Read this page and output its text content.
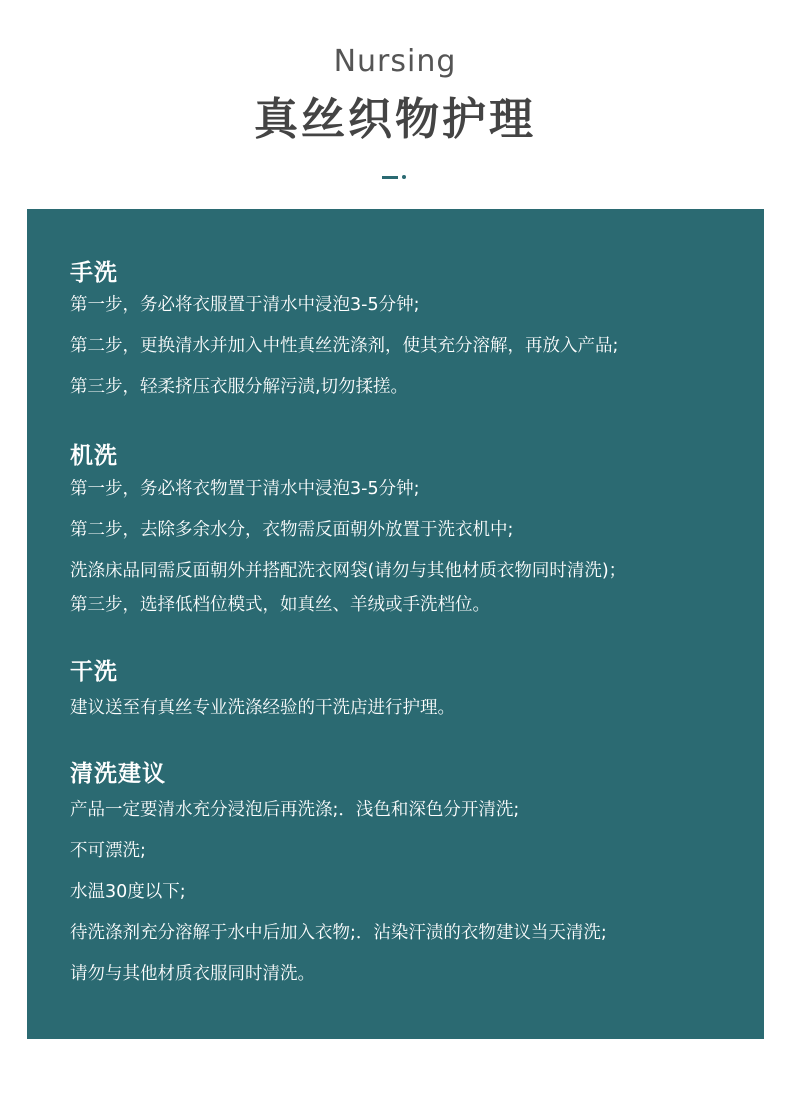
Nursing
真丝织物护理
手洗
第一步，务必将衣服置于清水中浸泡3-5分钟;
第二步，更换清水并加入中性真丝洗涤剂，使其充分溶解，再放入产品;
第三步，轻柔挤压衣服分解污渍,切勿揉搓。
机洗
第一步，务必将衣物置于清水中浸泡3-5分钟;
第二步，去除多余水分，衣物需反面朝外放置于洗衣机中;
洗涤床品同需反面朝外并搭配洗衣网袋(请勿与其他材质衣物同时清洗)；
第三步，选择低档位模式，如真丝、羊绒或手洗档位。
干洗
建议送至有真丝专业洗涤经验的干洗店进行护理。
清洗建议
产品一定要清水充分浸泡后再洗涤;．浅色和深色分开清洗;
不可漂洗;
水温30度以下;
待洗涤剂充分溶解于水中后加入衣物;．沾染汗渍的衣物建议当天清洗;
请勿与其他材质衣服同时清洗。
